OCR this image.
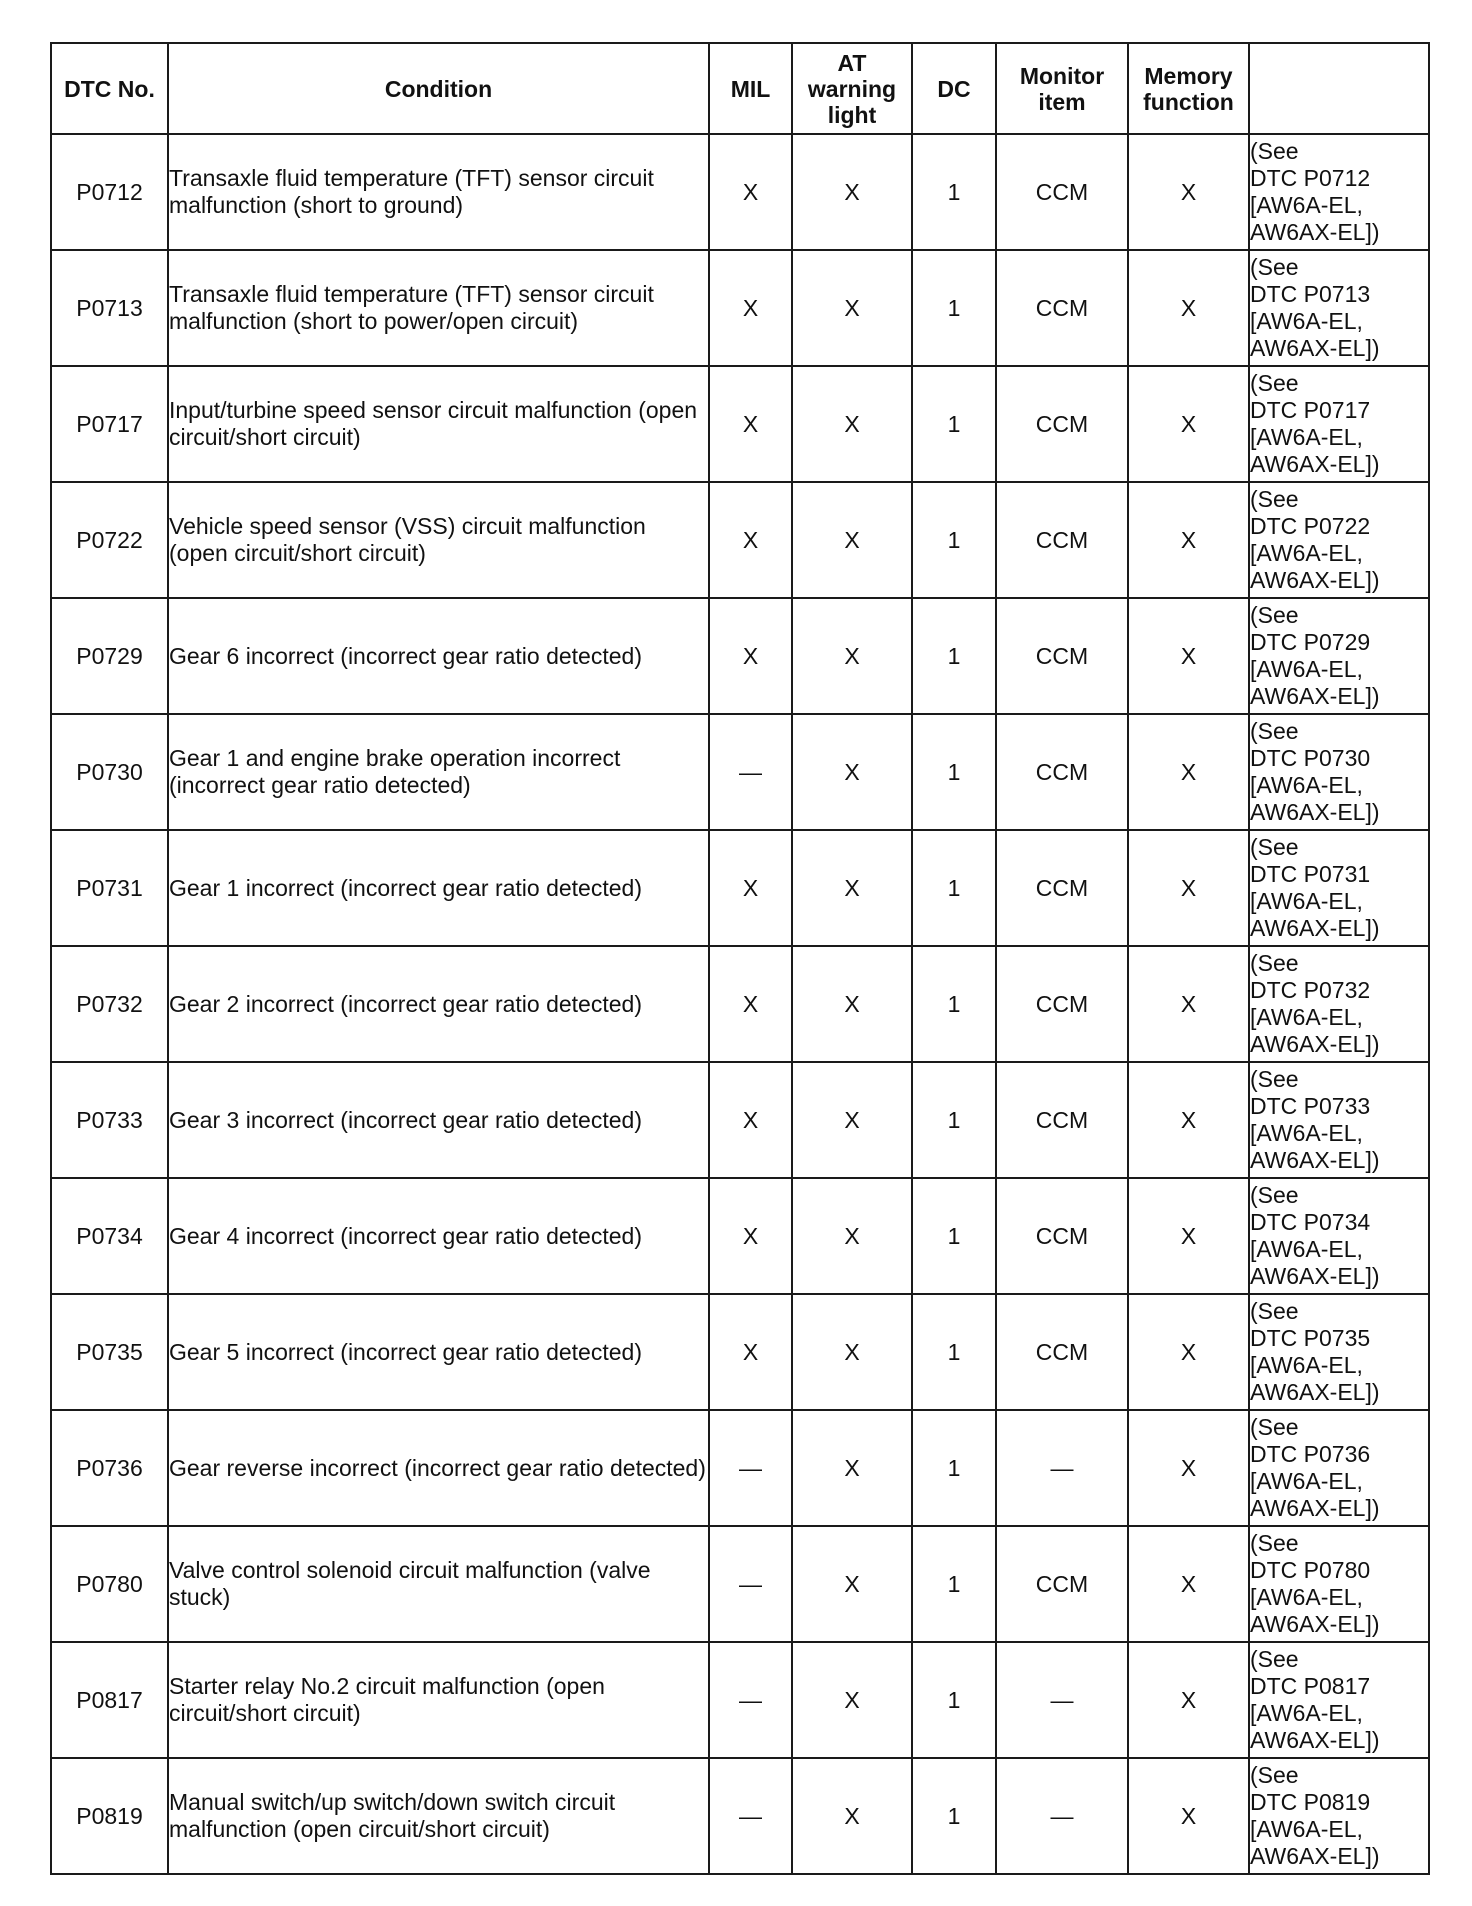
DTC No.	Condition	MIL	AT warning light	DC	Monitor item	Memory function	
P0712	Transaxle fluid temperature (TFT) sensor circuit malfunction (short to ground)	X	X	1	CCM	X	(See
DTC P0712
[AW6A-EL,
AW6AX-EL])

P0713	Transaxle fluid temperature (TFT) sensor circuit malfunction (short to power/open circuit)	X	X	1	CCM	X	(See
DTC P0713
[AW6A-EL,
AW6AX-EL])

P0717	Input/turbine speed sensor circuit malfunction (open circuit/short circuit)	X	X	1	CCM	X	(See
DTC P0717
[AW6A-EL,
AW6AX-EL])

P0722	Vehicle speed sensor (VSS) circuit malfunction (open circuit/short circuit)	X	X	1	CCM	X	(See
DTC P0722
[AW6A-EL,
AW6AX-EL])

P0729	Gear 6 incorrect (incorrect gear ratio detected)	X	X	1	CCM	X	(See
DTC P0729
[AW6A-EL,
AW6AX-EL])

P0730	Gear 1 and engine brake operation incorrect (incorrect gear ratio detected)	—	X	1	CCM	X	(See
DTC P0730
[AW6A-EL,
AW6AX-EL])

P0731	Gear 1 incorrect (incorrect gear ratio detected)	X	X	1	CCM	X	(See
DTC P0731
[AW6A-EL,
AW6AX-EL])

P0732	Gear 2 incorrect (incorrect gear ratio detected)	X	X	1	CCM	X	(See
DTC P0732
[AW6A-EL,
AW6AX-EL])

P0733	Gear 3 incorrect (incorrect gear ratio detected)	X	X	1	CCM	X	(See
DTC P0733
[AW6A-EL,
AW6AX-EL])

P0734	Gear 4 incorrect (incorrect gear ratio detected)	X	X	1	CCM	X	(See
DTC P0734
[AW6A-EL,
AW6AX-EL])

P0735	Gear 5 incorrect (incorrect gear ratio detected)	X	X	1	CCM	X	(See
DTC P0735
[AW6A-EL,
AW6AX-EL])

P0736	Gear reverse incorrect (incorrect gear ratio detected)	—	X	1	—	X	(See
DTC P0736
[AW6A-EL,
AW6AX-EL])

P0780	Valve control solenoid circuit malfunction (valve stuck)	—	X	1	CCM	X	(See
DTC P0780
[AW6A-EL,
AW6AX-EL])

P0817	Starter relay No.2 circuit malfunction (open circuit/short circuit)	—	X	1	—	X	(See
DTC P0817
[AW6A-EL,
AW6AX-EL])

P0819	Manual switch/up switch/down switch circuit malfunction (open circuit/short circuit)	—	X	1	—	X	(See
DTC P0819
[AW6A-EL,
AW6AX-EL])
